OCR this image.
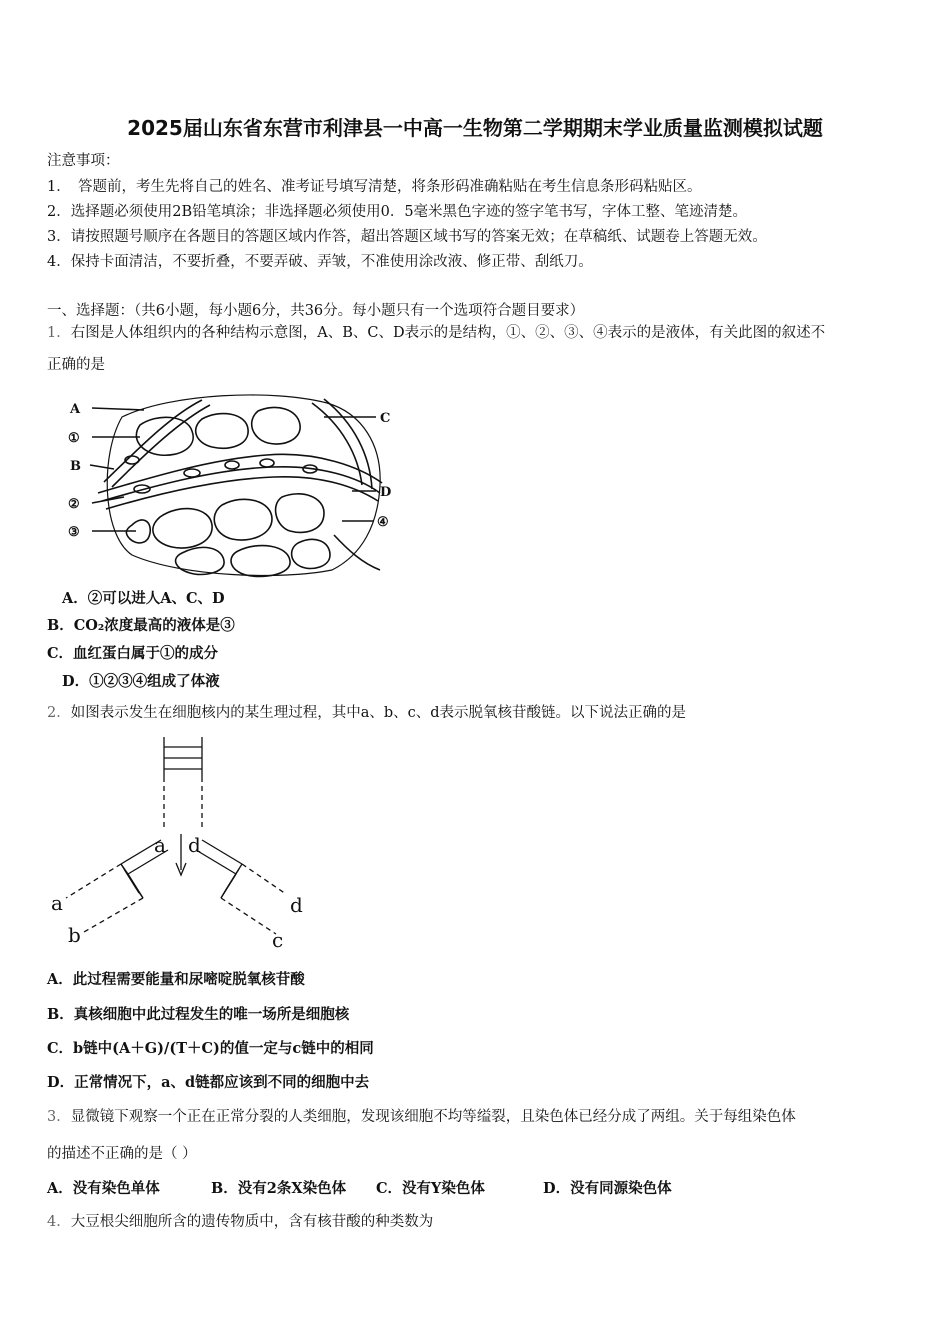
2025届山东省东营市利津县一中高一生物第二学期期末学业质量监测模拟试题
注意事项：
1．　答题前，考生先将自己的姓名、准考证号填写清楚，将条形码准确粘贴在考生信息条形码粘贴区。
2．选择题必须使用2B铅笔填涂；非选择题必须使用0．5毫米黑色字迹的签字笔书写，字体工整、笔迹清楚。
3．请按照题号顺序在各题目的答题区域内作答，超出答题区域书写的答案无效；在草稿纸、试题卷上答题无效。
4．保持卡面清洁，不要折叠，不要弄破、弄皱，不准使用涂改液、修正带、刮纸刀。
一、选择题：（共6小题，每小题6分，共36分。每小题只有一个选项符合题目要求）
1．右图是人体组织内的各种结构示意图，A、B、C、D表示的是结构，①、②、③、④表示的是液体，有关此图的叙述不
正确的是
A
①
B
②
③
C
D
④
A．②可以进人A、C、D
B．CO₂浓度最高的液体是③
C．血红蛋白属于①的成分
D．①②③④组成了体液
2．如图表示发生在细胞核内的某生理过程，其中a、b、c、d表示脱氧核苷酸链。以下说法正确的是
a d
a
b
d
c
A．此过程需要能量和尿嘧啶脱氧核苷酸
B．真核细胞中此过程发生的唯一场所是细胞核
C．b链中(A＋G)/(T＋C)的值一定与c链中的相同
D．正常情况下，a、d链都应该到不同的细胞中去
3．显微镜下观察一个正在正常分裂的人类细胞，发现该细胞不均等缢裂，且染色体已经分成了两组。关于每组染色体
的描述不正确的是（ ）
A．没有染色单体	B．没有2条X染色体 C．没有Y染色体	D．没有同源染色体
4．大豆根尖细胞所含的遗传物质中，含有核苷酸的种类数为
